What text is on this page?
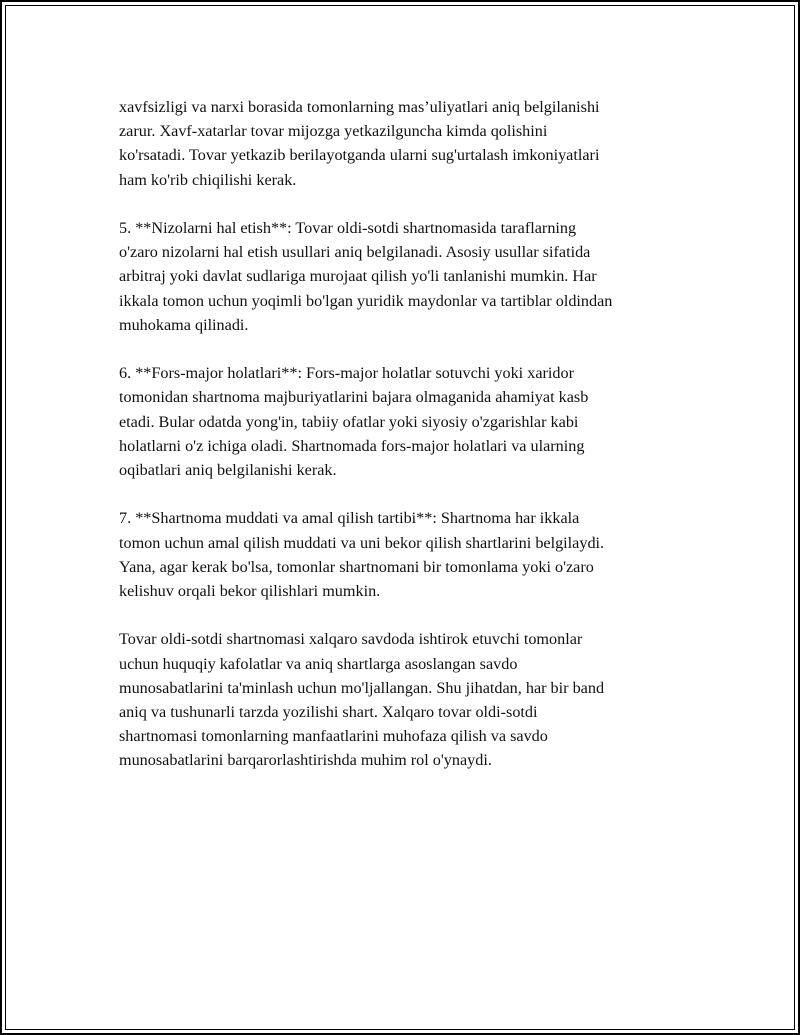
xavfsizligi va narxi borasida tomonlarning mas’uliyatlari aniq belgilanishi
zarur. Xavf-xatarlar tovar mijozga yetkazilguncha kimda qolishini
ko'rsatadi. Tovar yetkazib berilayotganda ularni sug'urtalash imkoniyatlari
ham ko'rib chiqilishi kerak.

5. **Nizolarni hal etish**: Tovar oldi-sotdi shartnomasida taraflarning
o'zaro nizolarni hal etish usullari aniq belgilanadi. Asosiy usullar sifatida
arbitraj yoki davlat sudlariga murojaat qilish yo'li tanlanishi mumkin. Har
ikkala tomon uchun yoqimli bo'lgan yuridik maydonlar va tartiblar oldindan
muhokama qilinadi.

6. **Fors-major holatlari**: Fors-major holatlar sotuvchi yoki xaridor
tomonidan shartnoma majburiyatlarini bajara olmaganida ahamiyat kasb
etadi. Bular odatda yong'in, tabiiy ofatlar yoki siyosiy o'zgarishlar kabi
holatlarni o'z ichiga oladi. Shartnomada fors-major holatlari va ularning
oqibatlari aniq belgilanishi kerak.

7. **Shartnoma muddati va amal qilish tartibi**: Shartnoma har ikkala
tomon uchun amal qilish muddati va uni bekor qilish shartlarini belgilaydi.
Yana, agar kerak bo'lsa, tomonlar shartnomani bir tomonlama yoki o'zaro
kelishuv orqali bekor qilishlari mumkin.

Tovar oldi-sotdi shartnomasi xalqaro savdoda ishtirok etuvchi tomonlar
uchun huquqiy kafolatlar va aniq shartlarga asoslangan savdo
munosabatlarini ta'minlash uchun mo'ljallangan. Shu jihatdan, har bir band
aniq va tushunarli tarzda yozilishi shart. Xalqaro tovar oldi-sotdi
shartnomasi tomonlarning manfaatlarini muhofaza qilish va savdo
munosabatlarini barqarorlashtirishda muhim rol o'ynaydi.
